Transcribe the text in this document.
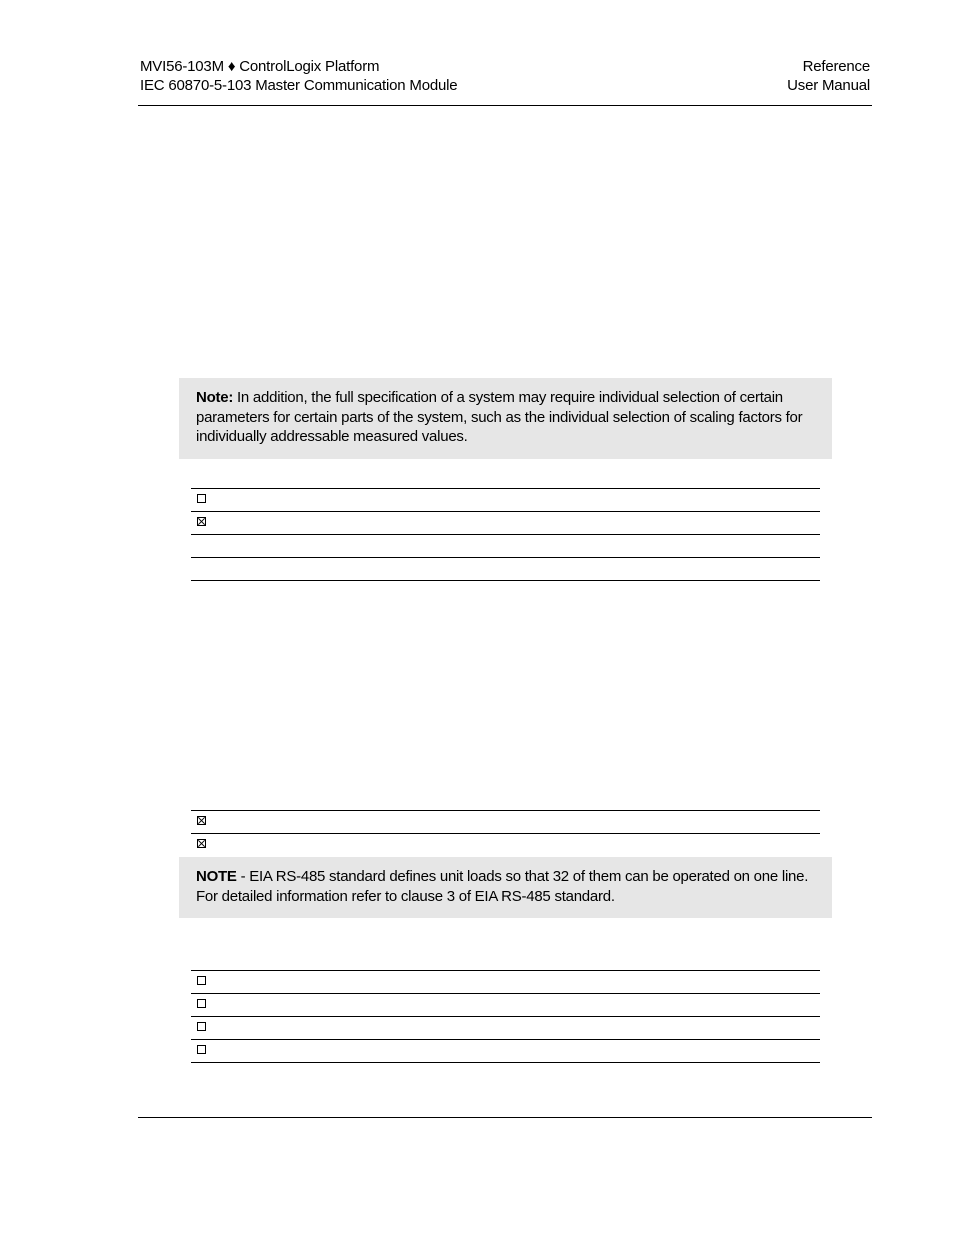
MVI56-103M ♦ ControlLogix Platform
IEC 60870-5-103 Master Communication Module
Reference
User Manual
Note: In addition, the full specification of a system may require individual selection of certain parameters for certain parts of the system, such as the individual selection of scaling factors for individually addressable measured values.
NOTE - EIA RS-485 standard defines unit loads so that 32 of them can be operated on one line. For detailed information refer to clause 3 of EIA RS-485 standard.
